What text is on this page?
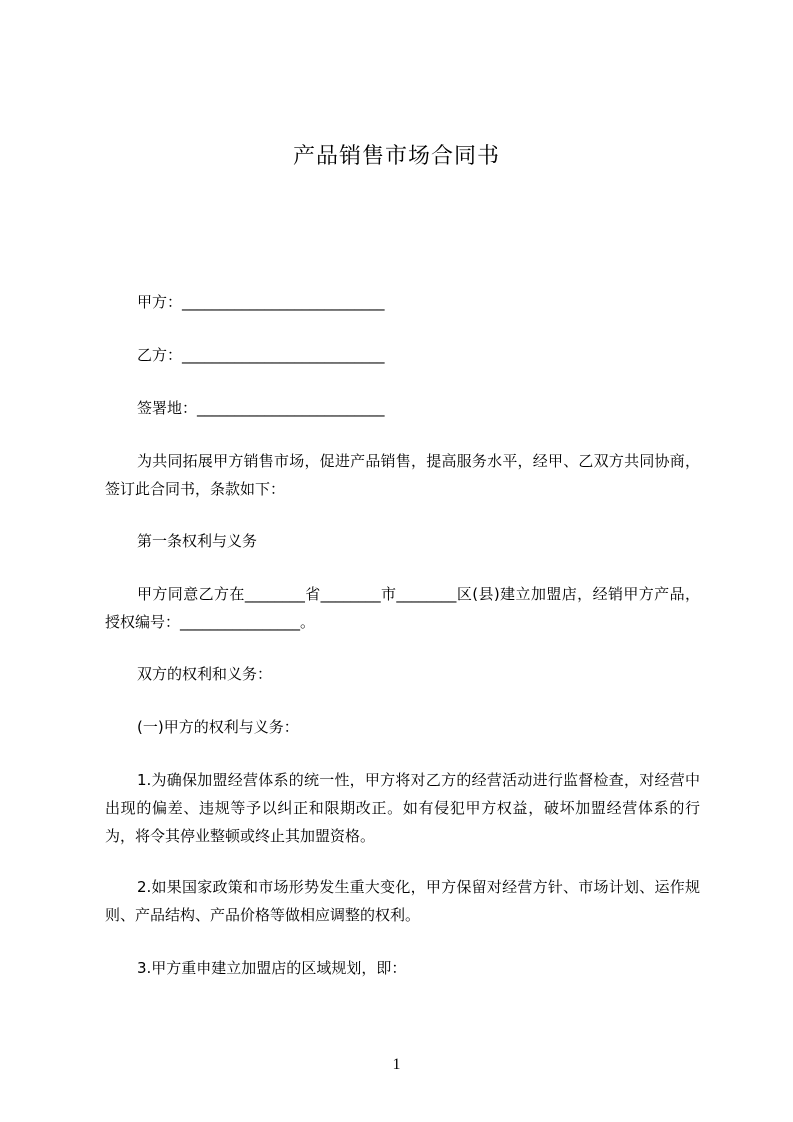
产品销售市场合同书
甲方：___________________________
乙方：___________________________
签署地：_________________________
为共同拓展甲方销售市场，促进产品销售，提高服务水平，经甲、乙双方共同协商，签订此合同书，条款如下：
第一条权利与义务
甲方同意乙方在________省________市________区(县)建立加盟店，经销甲方产品，授权编号：________________。
双方的权利和义务：
(一)甲方的权利与义务：
1.为确保加盟经营体系的统一性，甲方将对乙方的经营活动进行监督检查，对经营中出现的偏差、违规等予以纠正和限期改正。如有侵犯甲方权益，破坏加盟经营体系的行为，将令其停业整顿或终止其加盟资格。
2.如果国家政策和市场形势发生重大变化，甲方保留对经营方针、市场计划、运作规则、产品结构、产品价格等做相应调整的权利。
3.甲方重申建立加盟店的区域规划，即：
1
